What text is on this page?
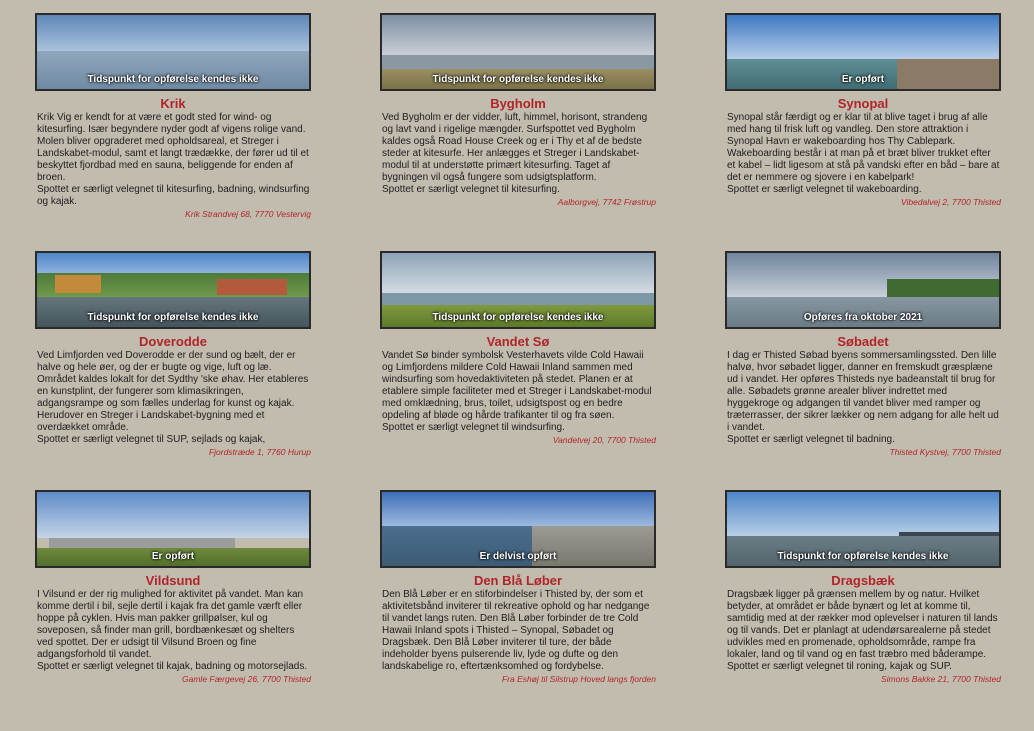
Tidspunkt for opførelse kendes ikke
Krik

Krik Vig er kendt for at være et godt sted for wind- og kitesurfing. Især begyndere nyder godt af vigens rolige vand. Molen bliver opgraderet med opholdsareal, et Streger i Landskabet-modul, samt et langt trædække, der fører ud til et beskyttet fjordbad med en sauna, beliggende for enden af broen.

Spottet er særligt velegnet til kitesurfing, badning, windsurfing og kajak.

Krik Strandvej 68, 7770 Vestervig
Tidspunkt for opførelse kendes ikke
Bygholm

Ved Bygholm er der vidder, luft, himmel, horisont, strandeng og lavt vand i rigelige mængder. Surfspottet ved Bygholm kaldes også Road House Creek og er i Thy et af de bedste steder at kitesurfe. Her anlægges et Streger i Landskabet-modul til at understøtte primært kitesurfing. Taget af bygningen vil også fungere som udsigtsplatform.

Spottet er særligt velegnet til kitesurfing.

Aalborgvej, 7742 Frøstrup
Er opført
Synopal

Synopal står færdigt og er klar til at blive taget i brug af alle med hang til frisk luft og vandleg. Den store attraktion i Synopal Havn er wakeboarding hos Thy Cablepark. Wakeboarding består i at man på et bræt bliver trukket efter et kabel – lidt ligesom at stå på vandski efter en båd – bare at det er nemmere og sjovere i en kabelpark!

Spottet er særligt velegnet til wakeboarding.

Vibedalvej 2, 7700 Thisted
Tidspunkt for opførelse kendes ikke
Doverodde

Ved Limfjorden ved Doverodde er der sund og bælt, der er halve og hele øer, og der er bugte og vige, luft og læ. Området kaldes lokalt for det Sydthy 'ske øhav. Her etableres en kunstplint, der fungerer som klimasikringen, adgangsrampe og som fælles underlag for kunst og kajak. Herudover en Streger i Landskabet-bygning med et overdækket område.

Spottet er særligt velegnet til SUP, sejlads og kajak,

Fjordstræde 1, 7760 Hurup
Tidspunkt for opførelse kendes ikke
Vandet Sø

Vandet Sø binder symbolsk Vesterhavets vilde Cold Hawaii og Limfjordens mildere Cold Hawaii Inland sammen med windsurfing som hovedaktiviteten på stedet. Planen er at etablere simple faciliteter med et Streger i Landskabet-modul med omklædning, brus, toilet, udsigtspost og en bedre opdeling af bløde og hårde trafikanter til og fra søen.

Spottet er særligt velegnet til windsurfing.

Vandetvej 20, 7700 Thisted
Opføres fra oktober 2021
Søbadet

I dag er Thisted Søbad byens sommersamlingssted. Den lille halvø, hvor søbadet ligger, danner en fremskudt græsplæne ud i vandet. Her opføres Thisteds nye badeanstalt til brug for alle. Søbadets grønne arealer bliver indrettet med hyggekroge og adgangen til vandet bliver med ramper og træterrasser, der sikrer lækker og nem adgang for alle helt ud i vandet.

Spottet er særligt velegnet til badning.

Thisted Kystvej, 7700 Thisted
Er opført
Vildsund

I Vilsund er der rig mulighed for aktivitet på vandet. Man kan komme dertil i bil, sejle dertil i kajak fra det gamle værft eller hoppe på cyklen. Hvis man pakker grillpølser, kul og soveposen, så finder man grill, bordbænkesæt og shelters ved spottet. Der er udsigt til Vilsund Broen og fine adgangsforhold til vandet.

Spottet er særligt velegnet til kajak, badning og motorsejlads.

Gamle Færgevej 26, 7700 Thisted
Er delvist opført
Den Blå Løber

Den Blå Løber er en stiforbindelser i Thisted by, der som et aktivitetsbånd inviterer til rekreative ophold og har nedgange til vandet langs ruten. Den Blå Løber forbinder de tre Cold Hawaii Inland spots i Thisted – Synopal, Søbadet og Dragsbæk. Den Blå Løber inviterer til ture, der både indeholder byens pulserende liv, lyde og dufte og den landskabelige ro, eftertænksomhed og fordybelse.

Fra Eshøj til Silstrup Hoved langs fjorden
Tidspunkt for opførelse kendes ikke
Dragsbæk

Dragsbæk ligger på grænsen mellem by og natur. Hvilket betyder, at området er både bynært og let at komme til, samtidig med at der rækker mod oplevelser i naturen til lands og til vands. Det er planlagt at udendørsarealerne på stedet udvikles med en promenade, opholdsområde, rampe fra lokaler, land og til vand og en fast træbro med båderampe.

Spottet er særligt velegnet til roning, kajak og SUP.

Simons Bakke 21, 7700 Thisted
